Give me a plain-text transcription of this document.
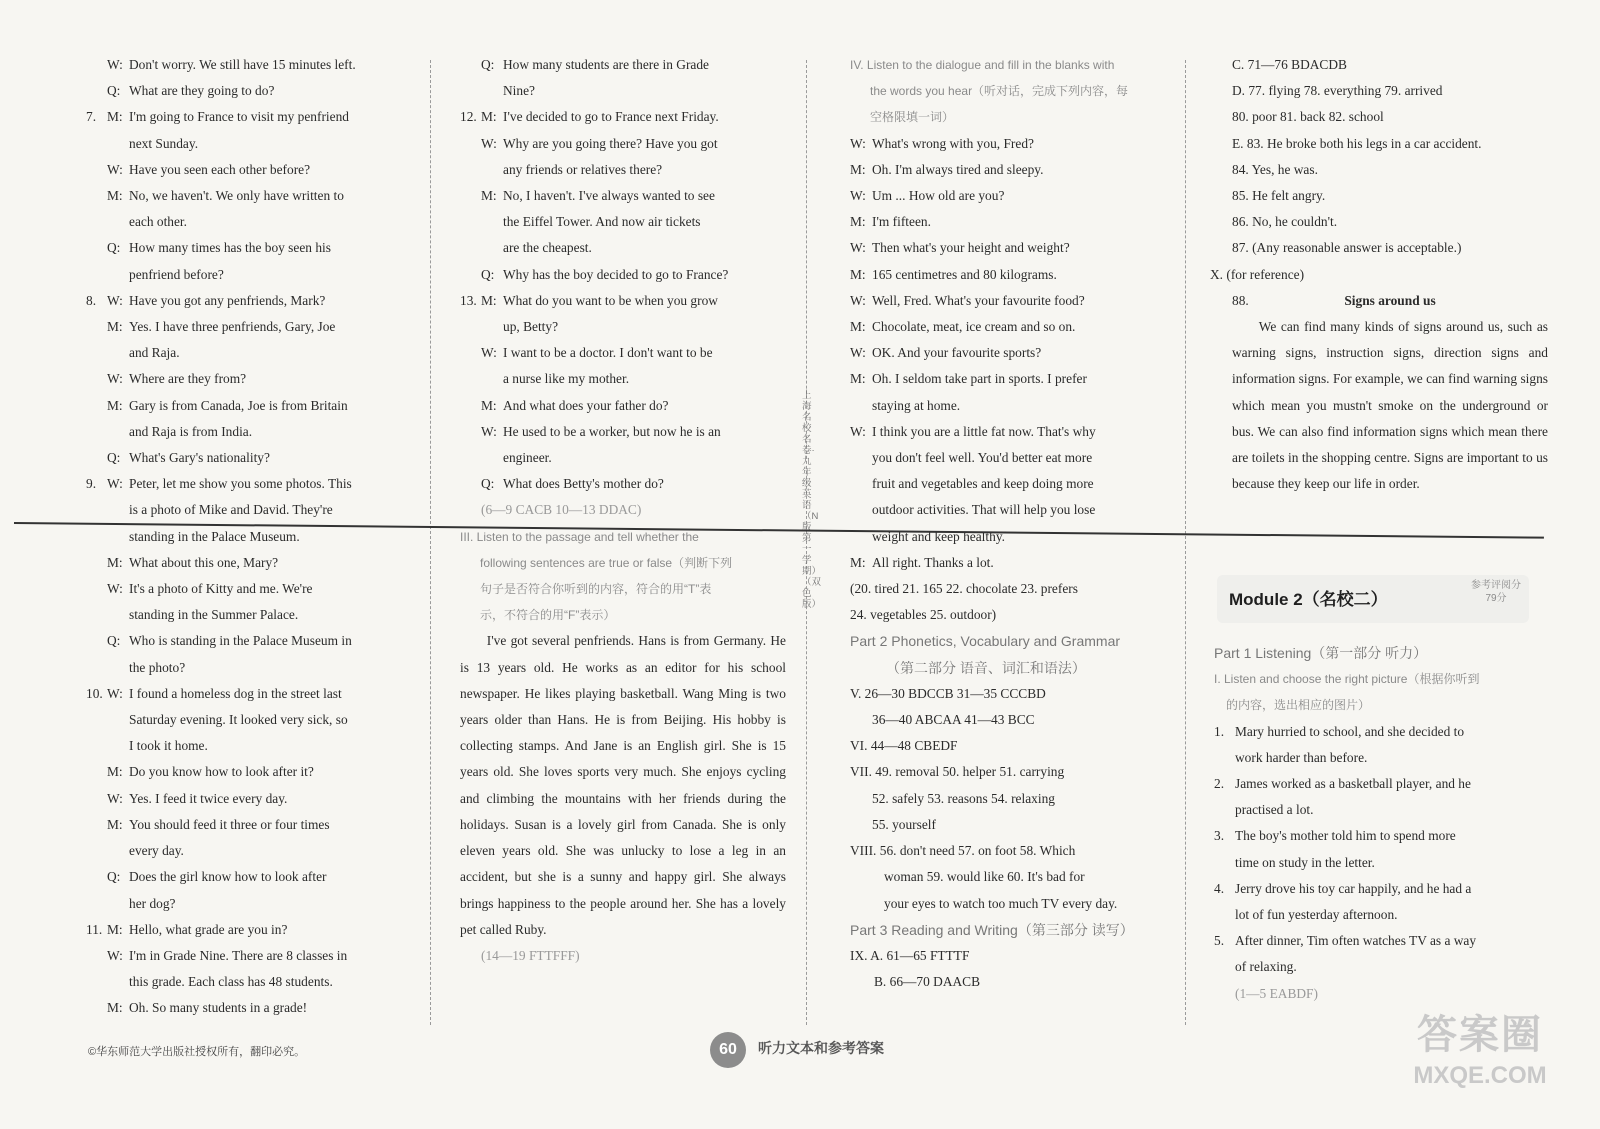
上海名校名卷·九年级英语（N版 第一学期）（双色版）
W: Don't worry. We still have 15 minutes left.
Q: What are they going to do?
7. M: I'm going to France to visit my penfriend
next Sunday.
W: Have you seen each other before?
M: No, we haven't. We only have written to
each other.
Q: How many times has the boy seen his
penfriend before?
8. W: Have you got any penfriends, Mark?
M: Yes. I have three penfriends, Gary, Joe
and Raja.
W: Where are they from?
M: Gary is from Canada, Joe is from Britain
and Raja is from India.
Q: What's Gary's nationality?
9. W: Peter, let me show you some photos. This
is a photo of Mike and David. They're
standing in the Palace Museum.
M: What about this one, Mary?
W: It's a photo of Kitty and me. We're
standing in the Summer Palace.
Q: Who is standing in the Palace Museum in
the photo?
10. W: I found a homeless dog in the street last
Saturday evening. It looked very sick, so
I took it home.
M: Do you know how to look after it?
W: Yes. I feed it twice every day.
M: You should feed it three or four times
every day.
Q: Does the girl know how to look after
her dog?
11. M: Hello, what grade are you in?
W: I'm in Grade Nine. There are 8 classes in
this grade. Each class has 48 students.
M: Oh. So many students in a grade!
Q: How many students are there in Grade
Nine?
12. M: I've decided to go to France next Friday.
W: Why are you going there? Have you got
any friends or relatives there?
M: No, I haven't. I've always wanted to see
the Eiffel Tower. And now air tickets
are the cheapest.
Q: Why has the boy decided to go to France?
13. M: What do you want to be when you grow
up, Betty?
W: I want to be a doctor. I don't want to be
a nurse like my mother.
M: And what does your father do?
W: He used to be a worker, but now he is an
engineer.
Q: What does Betty's mother do?
(6—9 CACB 10—13 DDAC)
III. Listen to the passage and tell whether the
following sentences are true or false（判断下列
句子是否符合你听到的内容，符合的用“T”表
示，不符合的用“F”表示）

I've got several penfriends. Hans is from Germany. He is 13 years old. He works as an editor for his school newspaper. He likes playing basketball. Wang Ming is two years older than Hans. He is from Beijing. His hobby is collecting stamps. And Jane is an English girl. She is 15 years old. She loves sports very much. She enjoys cycling and climbing the mountains with her friends during the holidays. Susan is a lovely girl from Canada. She is only eleven years old. She was unlucky to lose a leg in an accident, but she is a sunny and happy girl. She always brings happiness to the people around her. She has a lovely pet called Ruby.

(14—19 FTTFFF)
IV. Listen to the dialogue and fill in the blanks with
the words you hear（听对话，完成下列内容，每
空格限填一词）
W: What's wrong with you, Fred?
M: Oh. I'm always tired and sleepy.
W: Um ... How old are you?
M: I'm fifteen.
W: Then what's your height and weight?
M: 165 centimetres and 80 kilograms.
W: Well, Fred. What's your favourite food?
M: Chocolate, meat, ice cream and so on.
W: OK. And your favourite sports?
M: Oh. I seldom take part in sports. I prefer
staying at home.
W: I think you are a little fat now. That's why
you don't feel well. You'd better eat more
fruit and vegetables and keep doing more
outdoor activities. That will help you lose
weight and keep healthy.
M: All right. Thanks a lot.
(20. tired 21. 165 22. chocolate 23. prefers
24. vegetables 25. outdoor)
Part 2 Phonetics, Vocabulary and Grammar
（第二部分 语音、词汇和语法）
V. 26—30 BDCCB 31—35 CCCBD
36—40 ABCAA 41—43 BCC
VI. 44—48 CBEDF
VII. 49. removal 50. helper 51. carrying
52. safely 53. reasons 54. relaxing
55. yourself
VIII. 56. don't need 57. on foot 58. Which
woman 59. would like 60. It's bad for
your eyes to watch too much TV every day.
Part 3 Reading and Writing（第三部分 读写）
IX. A. 61—65 FTTTF
B. 66—70 DAACB
C. 71—76 BDACDB
D. 77. flying 78. everything 79. arrived
80. poor 81. back 82. school
E. 83. He broke both his legs in a car accident.
84. Yes, he was.
85. He felt angry.
86. No, he couldn't.
87. (Any reasonable answer is acceptable.)
X. (for reference)
88.	Signs around us

We can find many kinds of signs around us, such as warning signs, instruction signs, direction signs and information signs. For example, we can find warning signs which mean you mustn't smoke on the underground or bus. We can also find information signs which mean there are toilets in the shopping centre. Signs are important to us because they keep our life in order.

Module 2（名校二）
参考评阅分
79分
Part 1 Listening（第一部分 听力）
I. Listen and choose the right picture（根据你听到
的内容，选出相应的图片）
1. Mary hurried to school, and she decided to
work harder than before.
2. James worked as a basketball player, and he
practised a lot.
3. The boy's mother told him to spend more
time on study in the letter.
4. Jerry drove his toy car happily, and he had a
lot of fun yesterday afternoon.
5. After dinner, Tim often watches TV as a way
of relaxing.
(1—5 EABDF)
©华东师范大学出版社授权所有，翻印必究。	60	听力文本和参考答案	答案圈
MXQE.COM
